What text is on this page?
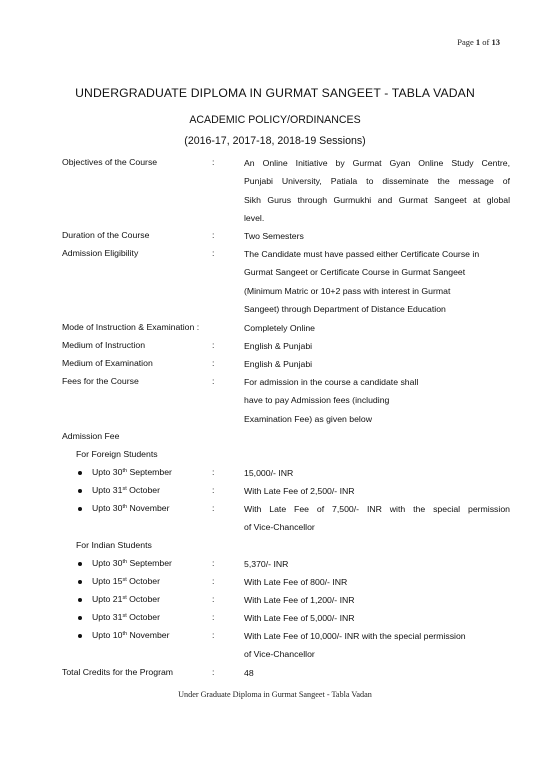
Page 1 of 13
UNDERGRADUATE DIPLOMA IN GURMAT SANGEET - TABLA VADAN
ACADEMIC POLICY/ORDINANCES
(2016-17, 2017-18, 2018-19 Sessions)
Objectives of the Course	:	An Online Initiative by Gurmat Gyan Online Study Centre,
Punjabi University, Patiala to disseminate the message of
Sikh Gurus through Gurmukhi and Gurmat Sangeet at global
level.
Duration of the Course	:	Two Semesters
Admission Eligibility	:	The Candidate must have passed either Certificate Course in
Gurmat Sangeet or Certificate Course in Gurmat Sangeet
(Minimum Matric or 10+2 pass with interest in Gurmat
Sangeet) through Department of Distance Education
Mode of Instruction & Examination :	Completely Online
Medium of Instruction	:	English & Punjabi
Medium of Examination	:	English & Punjabi
Fees for the Course	:	For admission in the course a candidate shall
have to pay Admission fees (including
Examination Fee) as given below
Admission Fee
For Foreign Students
Upto 30th September	:	15,000/- INR
Upto 31st October	:	With Late Fee of 2,500/- INR
Upto 30th November	:	With Late Fee of 7,500/- INR with the special permission
of Vice-Chancellor
For Indian Students
Upto 30th September	:	5,370/- INR
Upto 15st October	:	With Late Fee of 800/- INR
Upto 21st October	:	With Late Fee of 1,200/- INR
Upto 31st October	:	With Late Fee of 5,000/- INR
Upto 10th November	:	With Late Fee of 10,000/- INR with the special permission
of Vice-Chancellor
Total Credits for the Program	:	48
Under Graduate Diploma in Gurmat Sangeet - Tabla Vadan
